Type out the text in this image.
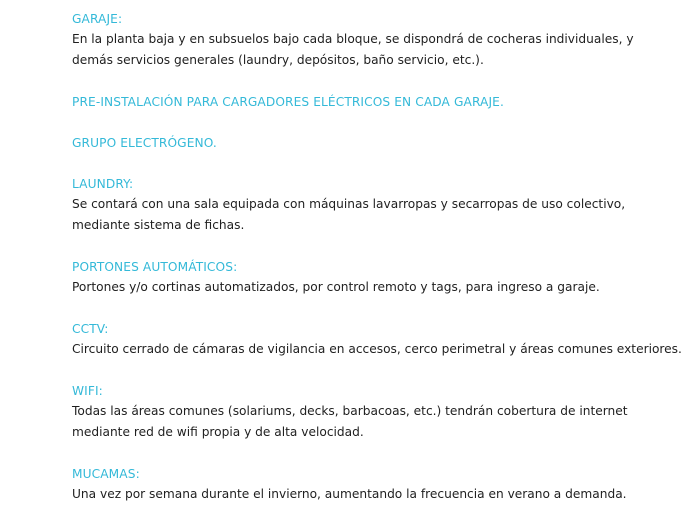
GARAJE:

En la planta baja y en subsuelos bajo cada bloque, se dispondrá de cocheras individuales, y
demás servicios generales (laundry, depósitos, baño servicio, etc.).

PRE-INSTALACIÓN PARA CARGADORES ELÉCTRICOS EN CADA GARAJE.

GRUPO ELECTRÓGENO.

LAUNDRY:

Se contará con una sala equipada con máquinas lavarropas y secarropas de uso colectivo,
mediante sistema de fichas.

PORTONES AUTOMÁTICOS:

Portones y/o cortinas automatizados, por control remoto y tags, para ingreso a garaje.

CCTV:

Circuito cerrado de cámaras de vigilancia en accesos, cerco perimetral y áreas comunes exteriores.

WIFI:

Todas las áreas comunes (solariums, decks, barbacoas, etc.) tendrán cobertura de internet
mediante red de wifi propia y de alta velocidad.

MUCAMAS:

Una vez por semana durante el invierno, aumentando la frecuencia en verano a demanda.
